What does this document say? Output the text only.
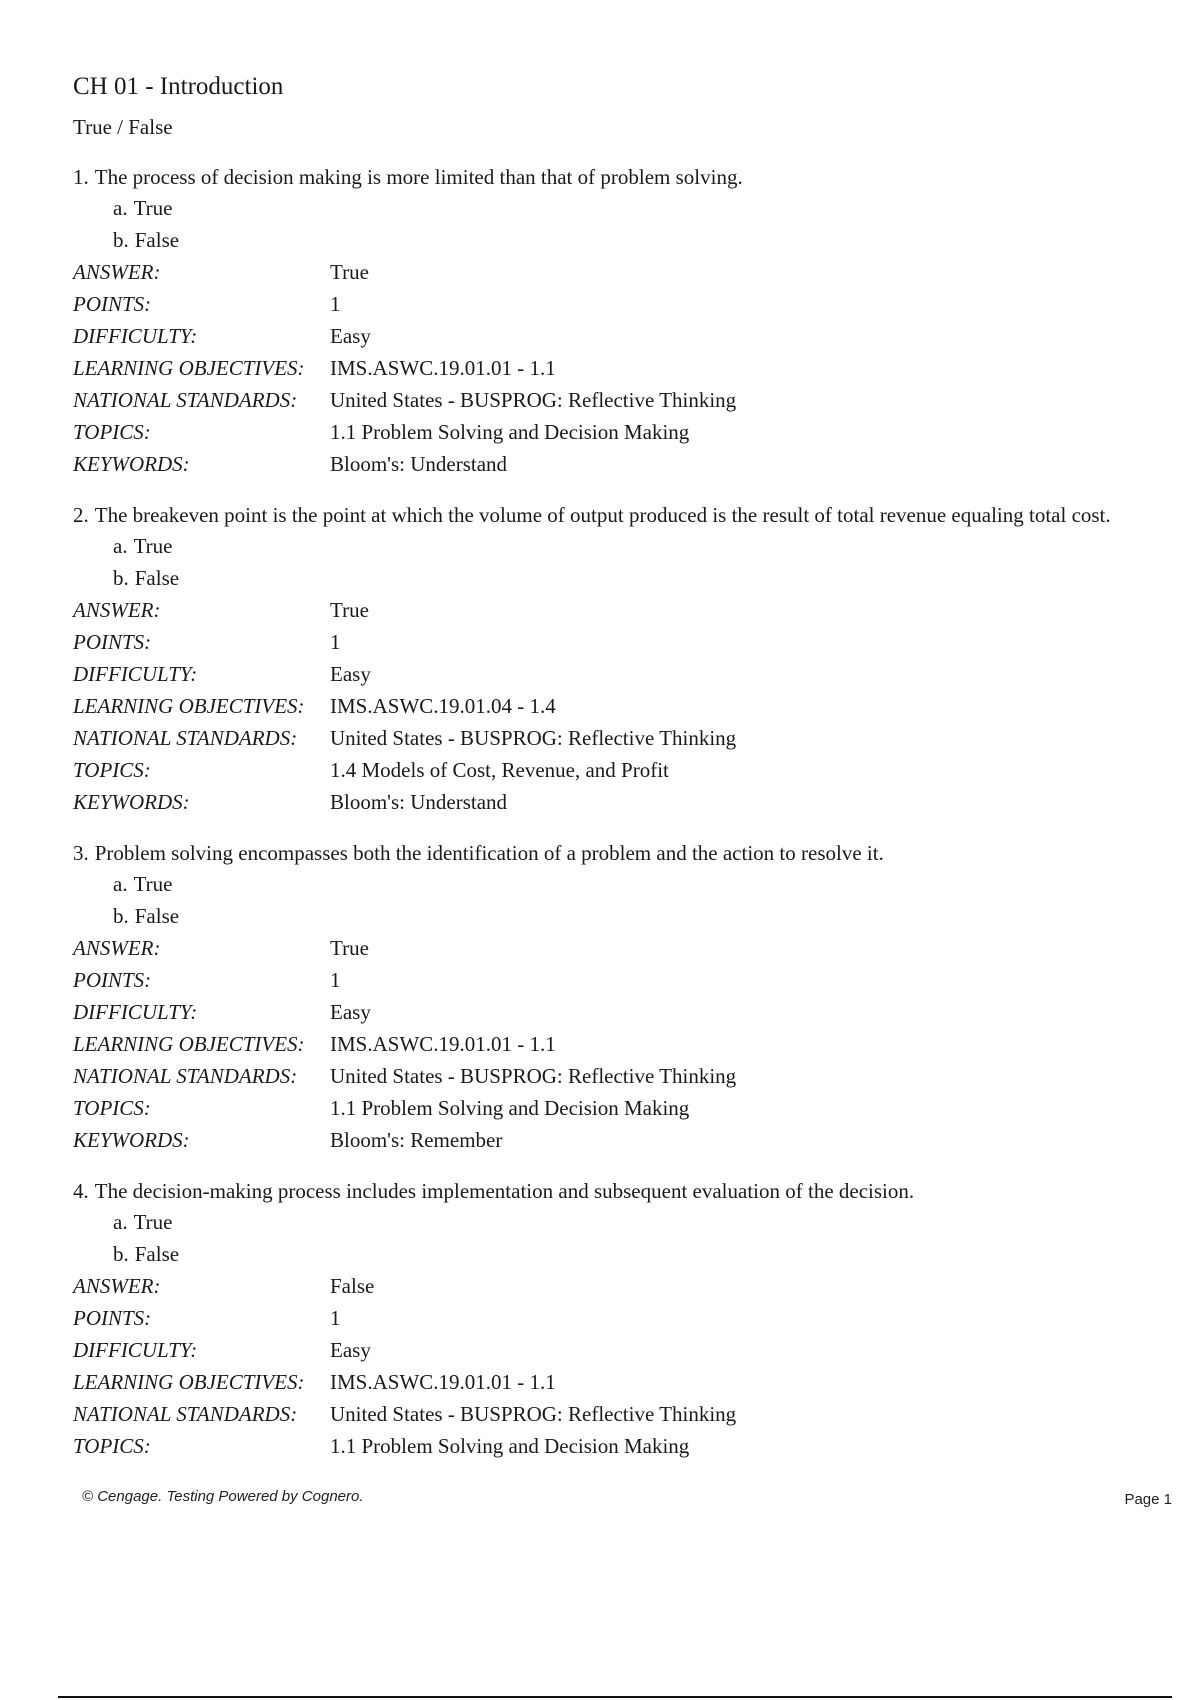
CH 01 - Introduction
True / False
1. The process of decision making is more limited than that of problem solving.
a. True
b. False
ANSWER:	True
POINTS:	1
DIFFICULTY:	Easy
LEARNING OBJECTIVES:	IMS.ASWC.19.01.01 - 1.1
NATIONAL STANDARDS:	United States - BUSPROG: Reflective Thinking
TOPICS:	1.1 Problem Solving and Decision Making
KEYWORDS:	Bloom's: Understand
2. The breakeven point is the point at which the volume of output produced is the result of total revenue equaling total cost.
a. True
b. False
ANSWER:	True
POINTS:	1
DIFFICULTY:	Easy
LEARNING OBJECTIVES:	IMS.ASWC.19.01.04 - 1.4
NATIONAL STANDARDS:	United States - BUSPROG: Reflective Thinking
TOPICS:	1.4 Models of Cost, Revenue, and Profit
KEYWORDS:	Bloom's: Understand
3. Problem solving encompasses both the identification of a problem and the action to resolve it.
a. True
b. False
ANSWER:	True
POINTS:	1
DIFFICULTY:	Easy
LEARNING OBJECTIVES:	IMS.ASWC.19.01.01 - 1.1
NATIONAL STANDARDS:	United States - BUSPROG: Reflective Thinking
TOPICS:	1.1 Problem Solving and Decision Making
KEYWORDS:	Bloom's: Remember
4. The decision-making process includes implementation and subsequent evaluation of the decision.
a. True
b. False
ANSWER:	False
POINTS:	1
DIFFICULTY:	Easy
LEARNING OBJECTIVES:	IMS.ASWC.19.01.01 - 1.1
NATIONAL STANDARDS:	United States - BUSPROG: Reflective Thinking
TOPICS:	1.1 Problem Solving and Decision Making
© Cengage. Testing Powered by Cognero.	Page 1
